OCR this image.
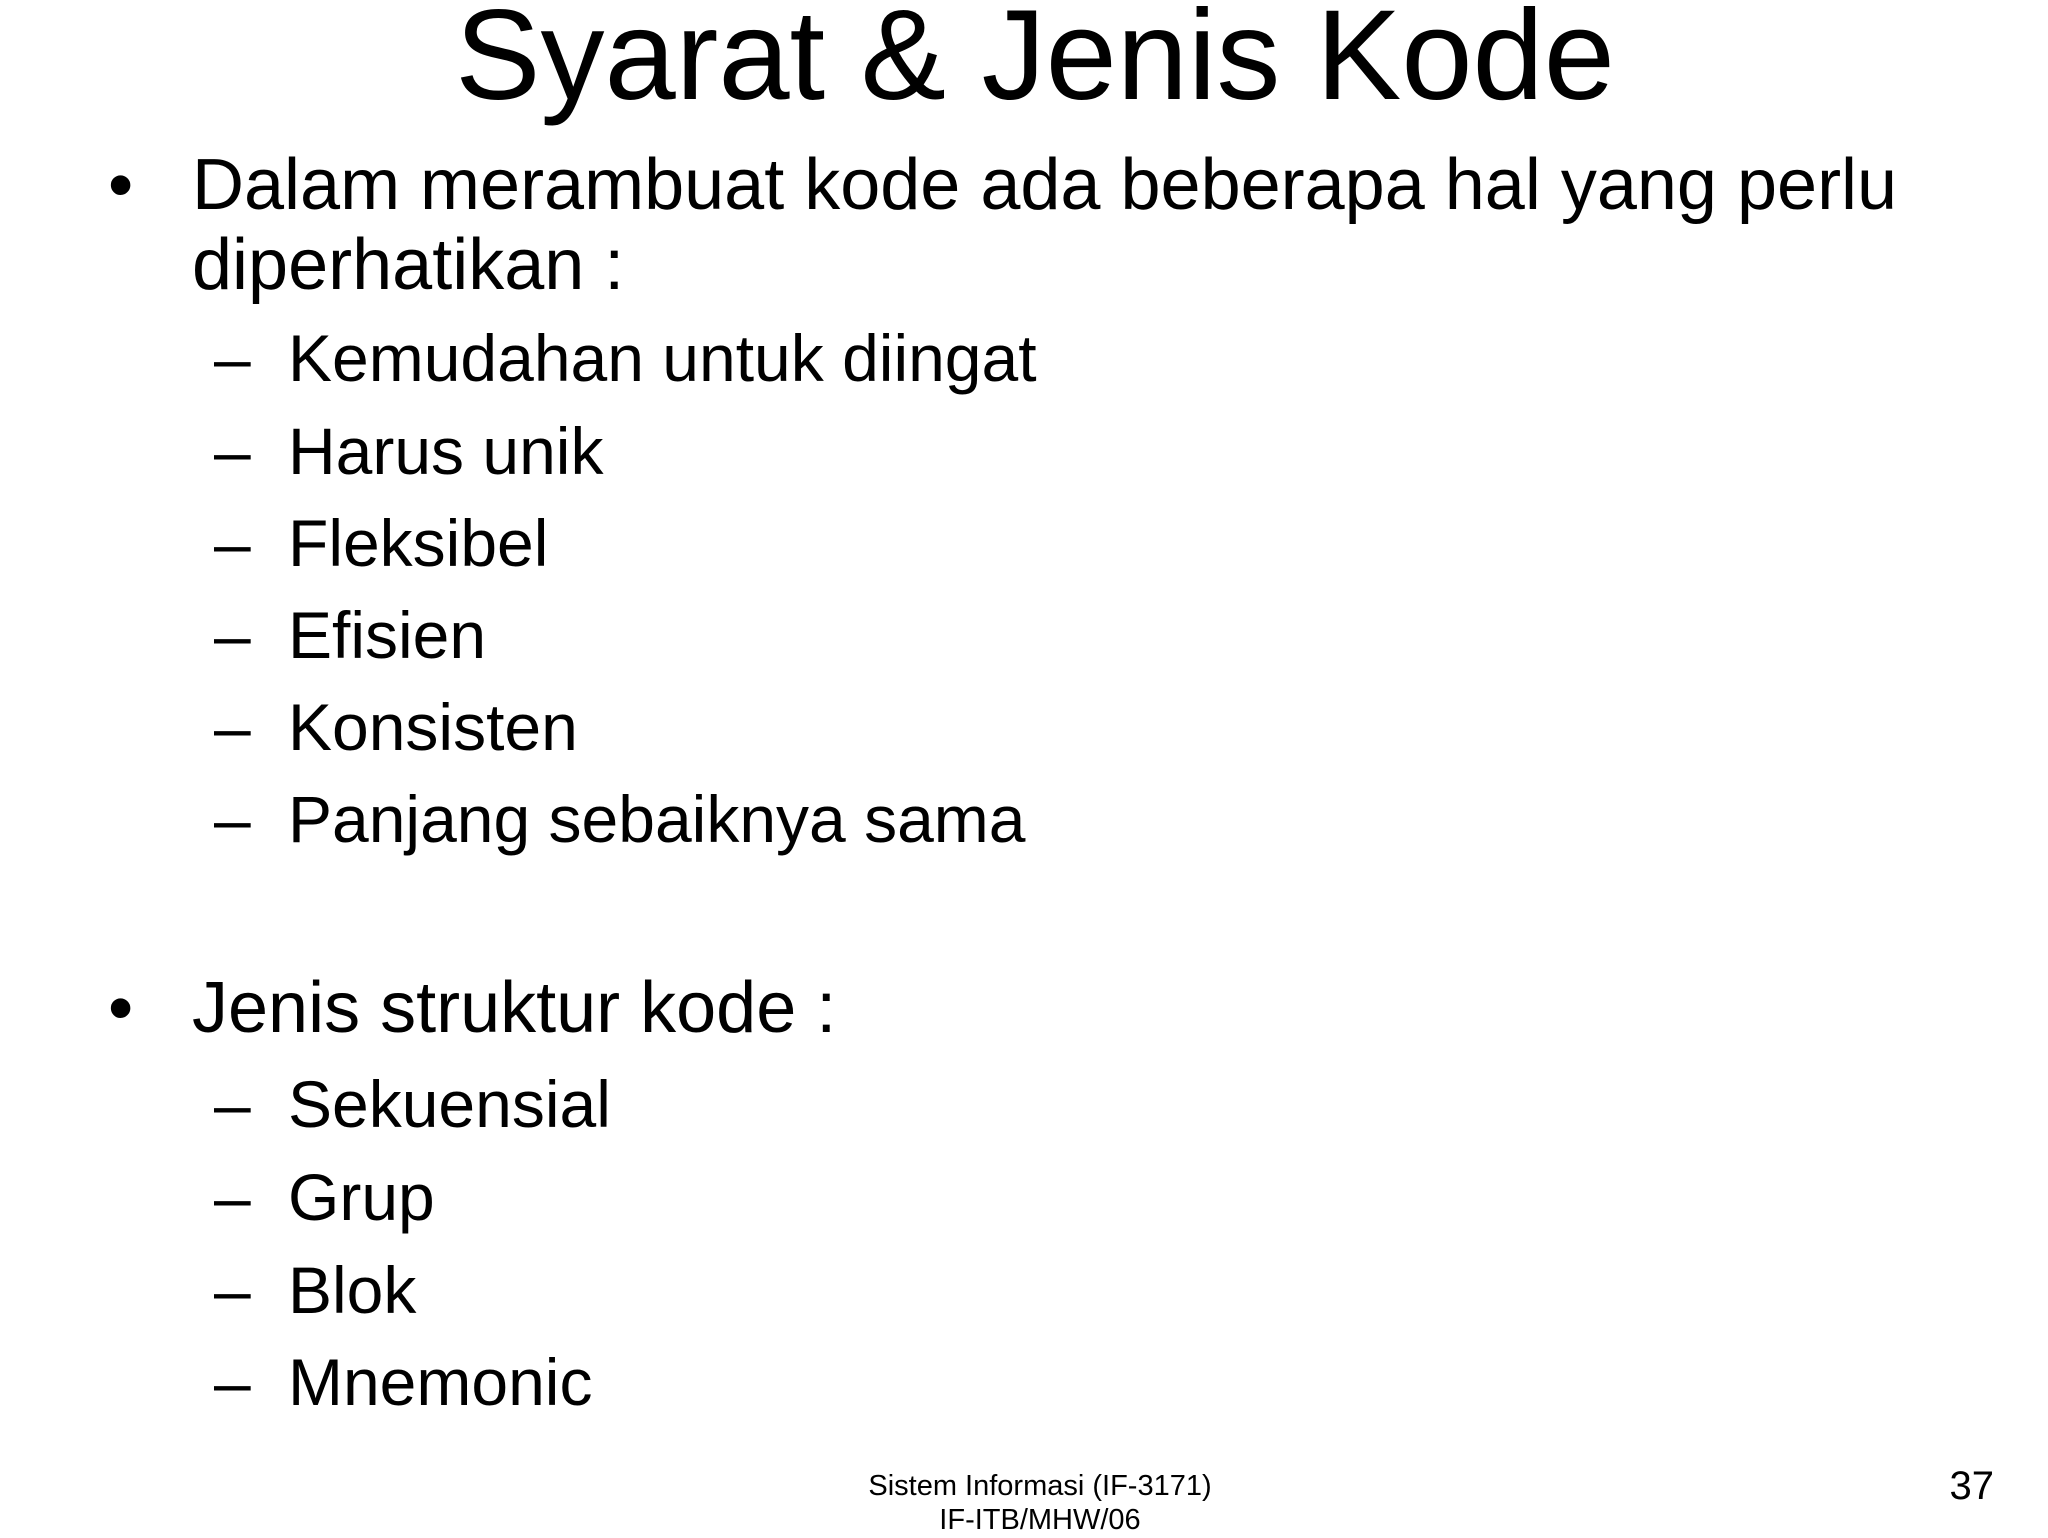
Syarat & Jenis Kode
• Dalam merambuat kode ada beberapa hal yang perlu
diperhatikan :
– Kemudahan untuk diingat
– Harus unik
– Fleksibel
– Efisien
– Konsisten
– Panjang sebaiknya sama
• Jenis struktur kode :
– Sekuensial
– Grup
– Blok
– Mnemonic
Sistem Informasi (IF-3171)
IF-ITB/MHW/06
37
